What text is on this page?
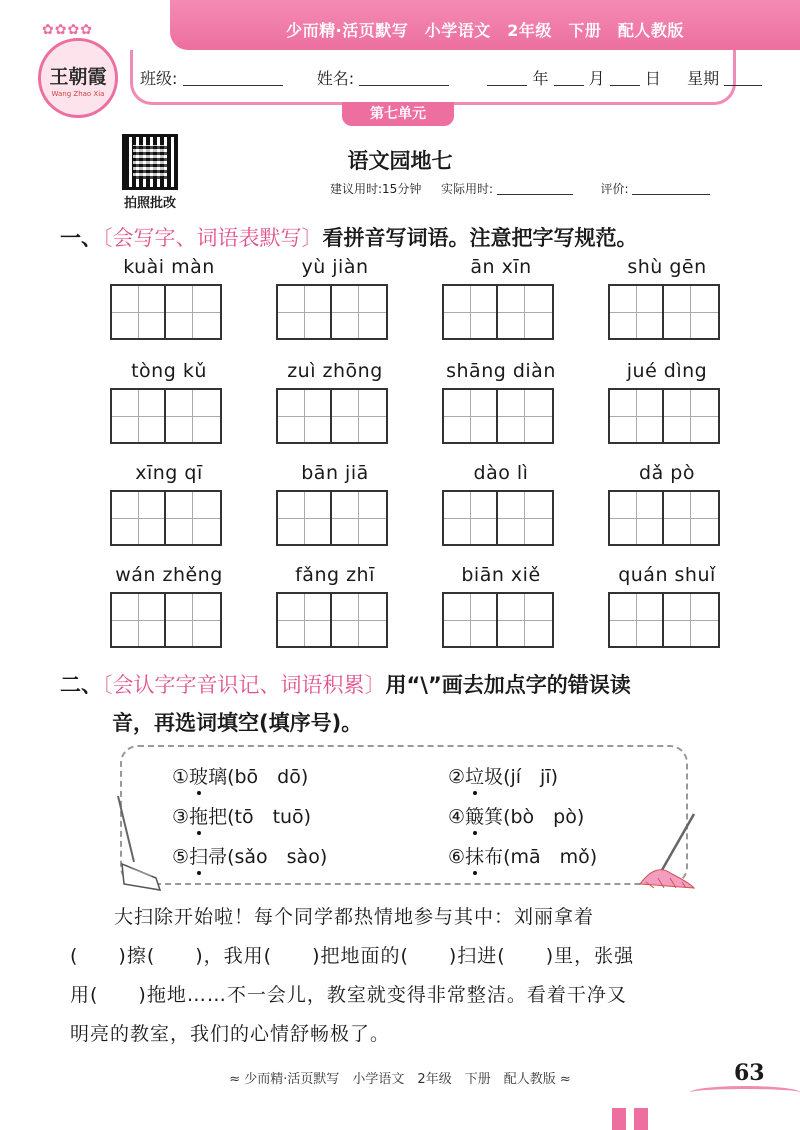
少而精·活页默写　小学语文　2年级　下册　配人教版
✿✿✿✿
王朝霞
Wang Zhao Xia
班级:	姓名:	年	月	日 星期
第七单元
拍照批改
语文园地七
建议用时:15分钟 实际用时:	评价:
一、〔会写字、词语表默写〕看拼音写词语。注意把字写规范。
kuài màn	yù jiàn	ān xīn	shù gēn
tòng kǔ	zuì zhōng	shāng diàn	jué dìng
xīng qī	bān jiā	dào lì	dǎ pò
wán zhěng	fǎng zhī	biān xiě	quán shuǐ
二、〔会认字字音识记、词语积累〕用“\”画去加点字的错误读
音，再选词填空(填序号)。
①玻璃(bō　dō)	②垃圾(jí　jī)
③拖把(tō　tuō)	④簸箕(bò　pò)
⑤扫帚(sǎo　sào)	⑥抹布(mā　mǒ)
大扫除开始啦！每个同学都热情地参与其中：刘丽拿着
(　　)擦(　　)，我用(　　)把地面的(　　)扫进(　　)里，张强
用(　　)拖地……不一会儿，教室就变得非常整洁。看着干净又
明亮的教室，我们的心情舒畅极了。
≈ 少而精·活页默写　小学语文　2年级　下册　配人教版 ≈	63
